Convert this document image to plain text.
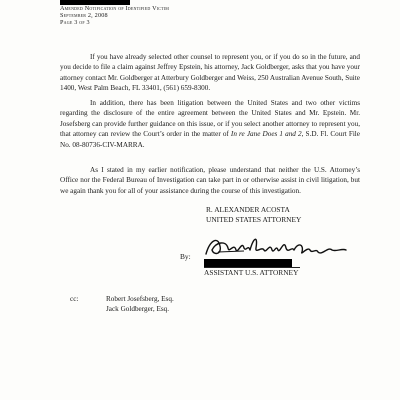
Amended Notification of Identified Victim
September 2, 2008
Page 3 of 3
If you have already selected other counsel to represent you, or if you do so in the future, and you decide to file a claim against Jeffrey Epstein, his attorney, Jack Goldberger, asks that you have your attorney contact Mr. Goldberger at Atterbury Goldberger and Weiss, 250 Australian Avenue South, Suite 1400, West Palm Beach, FL 33401, (561) 659-8300.
In addition, there has been litigation between the United States and two other victims regarding the disclosure of the entire agreement between the United States and Mr. Epstein. Mr. Josefsberg can provide further guidance on this issue, or if you select another attorney to represent you, that attorney can review the Court’s order in the matter of In re Jane Does 1 and 2, S.D. Fl. Court File No. 08-80736-CIV-MARRA.
As I stated in my earlier notification, please understand that neither the U.S. Attorney’s Office nor the Federal Bureau of Investigation can take part in or otherwise assist in civil litigation, but we again thank you for all of your assistance during the course of this investigation.
R. ALEXANDER ACOSTA
UNITED STATES ATTORNEY
By:
ASSISTANT U.S. ATTORNEY
cc:	Robert Josefsberg, Esq.
Jack Goldberger, Esq.
